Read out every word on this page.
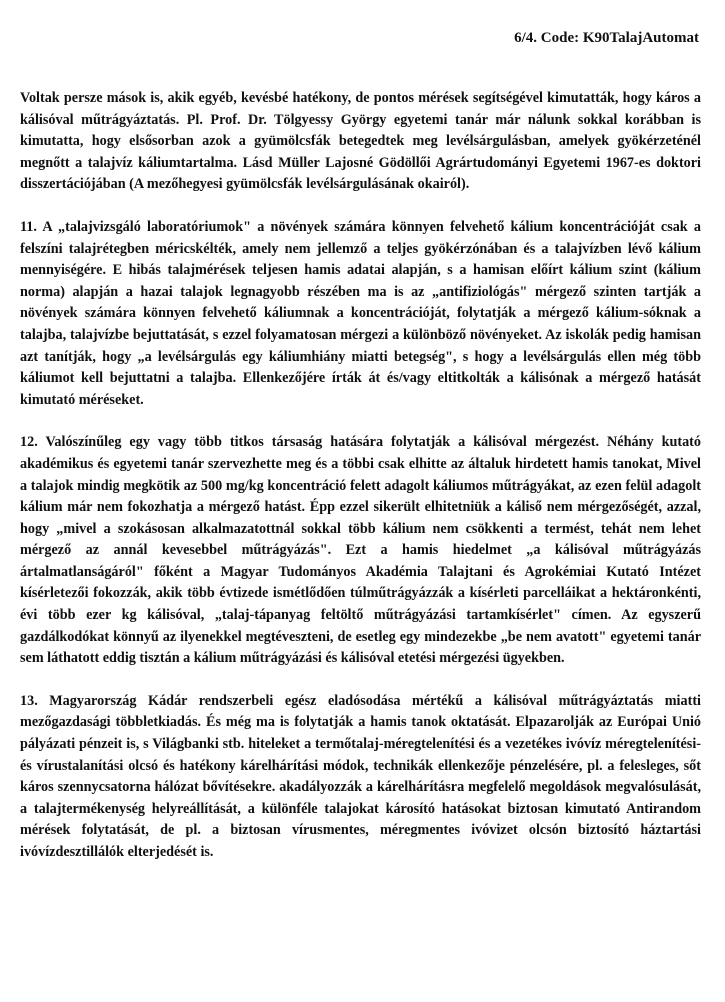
6/4. Code: K90TalajAutomat

Voltak persze mások is, akik egyéb, kevésbé hatékony, de pontos mérések segítségével kimutatták, hogy káros a kálisóval műtrágyáztatás. Pl. Prof. Dr. Tölgyessy György egyetemi tanár már nálunk sokkal korábban is kimutatta, hogy elsősorban azok a gyümölcsfák betegedtek meg levélsárgulásban, amelyek gyökérzeténél megnőtt a talajvíz káliumtartalma. Lásd Müller Lajosné Gödöllői Agrártudományi Egyetemi 1967-es doktori disszertációjában (A mezőhegyesi gyümölcsfák levélsárgulásának okairól).

11. A „talajvizsgáló laboratóriumok" a növények számára könnyen felvehető kálium koncentrációját csak a felszíni talajrétegben méricskélték, amely nem jellemző a teljes gyökérzónában és a talajvízben lévő kálium mennyiségére. E hibás talajmérések teljesen hamis adatai alapján, s a hamisan előírt kálium szint (kálium norma) alapján a hazai talajok legnagyobb részében ma is az „antifiziológás" mérgező szinten tartják a növények számára könnyen felvehető káliumnak a koncentrációját, folytatják a mérgező kálium-sóknak a talajba, talajvízbe bejuttatását, s ezzel folyamatosan mérgezi a különböző növényeket. Az iskolák pedig hamisan azt tanítják, hogy „a levélsárgulás egy káliumhiány miatti betegség", s hogy a levélsárgulás ellen még több káliumot kell bejuttatni a talajba. Ellenkezőjére írták át és/vagy eltitkolták a kálisónak a mérgező hatását kimutató méréseket.

12. Valószínűleg egy vagy több titkos társaság hatására folytatják a kálisóval mérgezést. Néhány kutató akadémikus és egyetemi tanár szervezhette meg és a többi csak elhitte az általuk hirdetett hamis tanokat, Mivel a talajok mindig megkötik az 500 mg/kg koncentráció felett adagolt káliumos műtrágyákat, az ezen felül adagolt kálium már nem fokozhatja a mérgező hatást. Épp ezzel sikerült elhitetniük a káliső nem mérgezőségét, azzal, hogy „mivel a szokásosan alkalmazatottnál sokkal több kálium nem csökkenti a termést, tehát nem lehet mérgező az annál kevesebbel műtrágyázás". Ezt a hamis hiedelmet „a kálisóval műtrágyázás ártalmatlanságáról" főként a Magyar Tudományos Akadémia Talajtani és Agrokémiai Kutató Intézet kísérletezői fokozzák, akik több évtizede ismétlődően túlműtrágyázzák a kísérleti parcelláikat a hektáronkénti, évi több ezer kg kálisóval, „talaj-tápanyag feltöltő műtrágyázási tartamkísérlet" címen. Az egyszerű gazdálkodókat könnyű az ilyenekkel megtéveszteni, de esetleg egy mindezekbe „be nem avatott" egyetemi tanár sem láthatott eddig tisztán a kálium műtrágyázási és kálisóval etetési mérgezési ügyekben.

13. Magyarország Kádár rendszerbeli egész eladósodása mértékű a kálisóval műtrágyáztatás miatti mezőgazdasági többletkiadás. És még ma is folytatják a hamis tanok oktatását. Elpazarolják az Európai Unió pályázati pénzeit is, s Világbanki stb. hiteleket a termőtalaj-méregtelenítési és a vezetékes ivóvíz méregtelenítési- és vírustalanítási olcsó és hatékony kárelhárítási módok, technikák ellenkezője pénzelésére, pl. a felesleges, sőt káros szennycsatorna hálózat bővítésekre. akadályozzák a kárelhárításra megfelelő megoldások megvalósulását, a talajtermékenység helyreállítását, a különféle talajokat károsító hatásokat biztosan kimutató Antirandom mérések folytatását, de pl. a biztosan vírusmentes, méregmentes ivóvizet olcsón biztosító háztartási ivóvízdesztillálók elterjedését is.
